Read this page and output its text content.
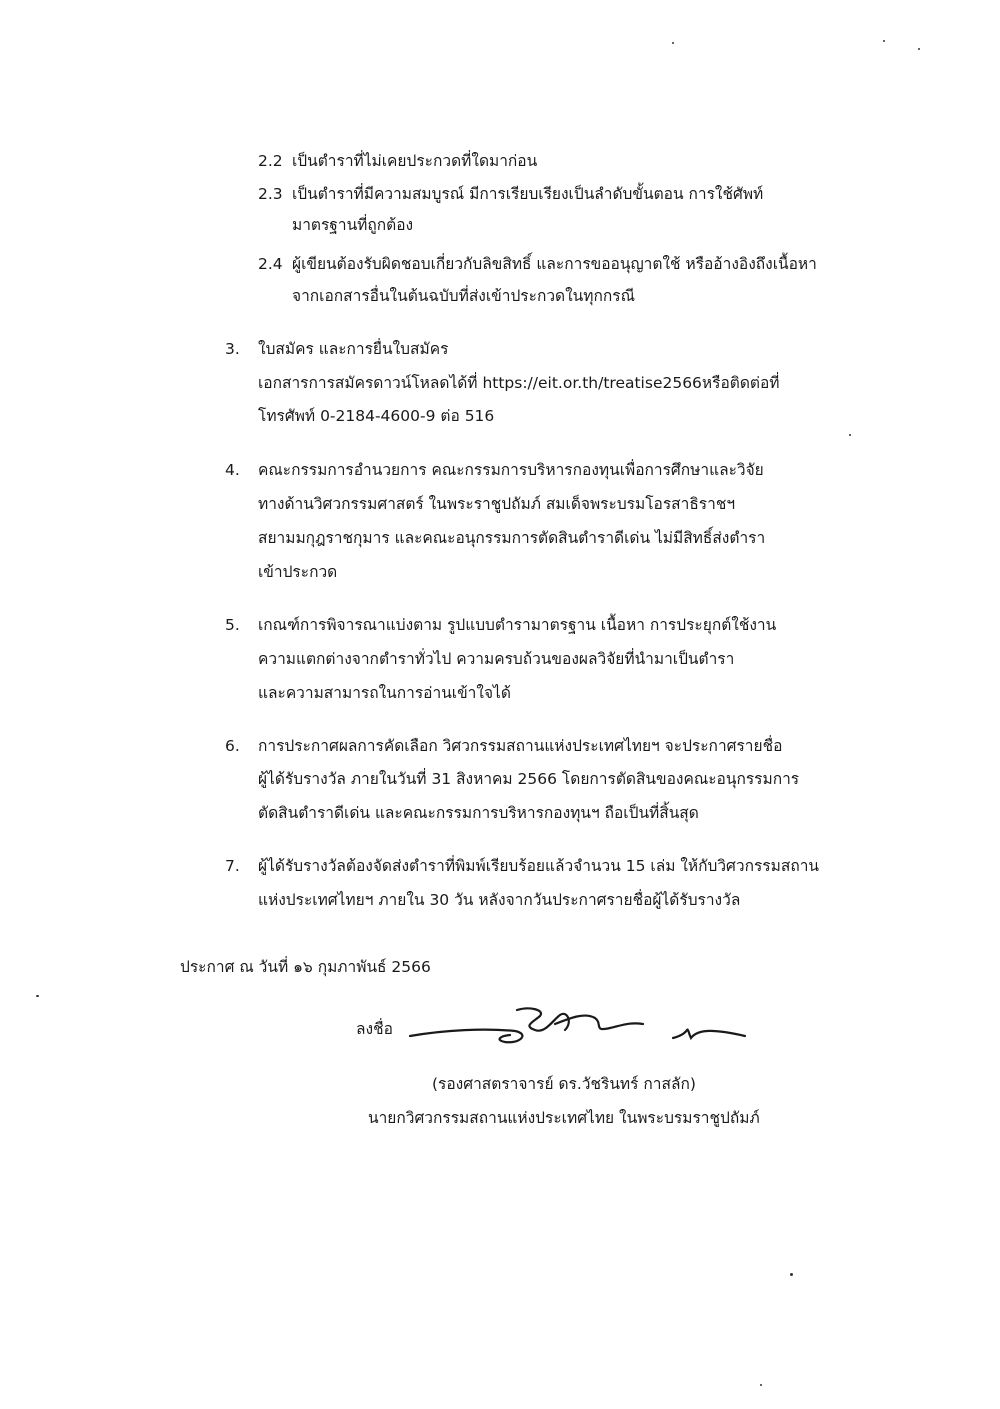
2.2 เป็นตำราที่ไม่เคยประกวดที่ใดมาก่อน
2.3 เป็นตำราที่มีความสมบูรณ์ มีการเรียบเรียงเป็นลำดับขั้นตอน การใช้ศัพท์
มาตรฐานที่ถูกต้อง
2.4 ผู้เขียนต้องรับผิดชอบเกี่ยวกับลิขสิทธิ์ และการขออนุญาตใช้ หรืออ้างอิงถึงเนื้อหา
จากเอกสารอื่นในต้นฉบับที่ส่งเข้าประกวดในทุกกรณี
3. ใบสมัคร และการยื่นใบสมัคร
เอกสารการสมัครดาวน์โหลดได้ที่ https://eit.or.th/treatise2566หรือติดต่อที่
โทรศัพท์ 0-2184-4600-9 ต่อ 516
4. คณะกรรมการอำนวยการ คณะกรรมการบริหารกองทุนเพื่อการศึกษาและวิจัย
ทางด้านวิศวกรรมศาสตร์ ในพระราชูปถัมภ์ สมเด็จพระบรมโอรสาธิราชฯ
สยามมกุฎราชกุมาร และคณะอนุกรรมการตัดสินตำราดีเด่น ไม่มีสิทธิ์ส่งตำรา
เข้าประกวด
5. เกณฑ์การพิจารณาแบ่งตาม รูปแบบตำรามาตรฐาน เนื้อหา การประยุกต์ใช้งาน
ความแตกต่างจากตำราทั่วไป ความครบถ้วนของผลวิจัยที่นำมาเป็นตำรา
และความสามารถในการอ่านเข้าใจได้
6. การประกาศผลการคัดเลือก วิศวกรรมสถานแห่งประเทศไทยฯ จะประกาศรายชื่อ
ผู้ได้รับรางวัล ภายในวันที่ 31 สิงหาคม 2566 โดยการตัดสินของคณะอนุกรรมการ
ตัดสินตำราดีเด่น และคณะกรรมการบริหารกองทุนฯ ถือเป็นที่สิ้นสุด
7. ผู้ได้รับรางวัลต้องจัดส่งตำราที่พิมพ์เรียบร้อยแล้วจำนวน 15 เล่ม ให้กับวิศวกรรมสถาน
แห่งประเทศไทยฯ ภายใน 30 วัน หลังจากวันประกาศรายชื่อผู้ได้รับรางวัล
ประกาศ ณ วันที่ ๑๖ กุมภาพันธ์ 2566
ลงชื่อ
(รองศาสตราจารย์ ดร.วัชรินทร์ กาสลัก)
นายกวิศวกรรมสถานแห่งประเทศไทย ในพระบรมราชูปถัมภ์
